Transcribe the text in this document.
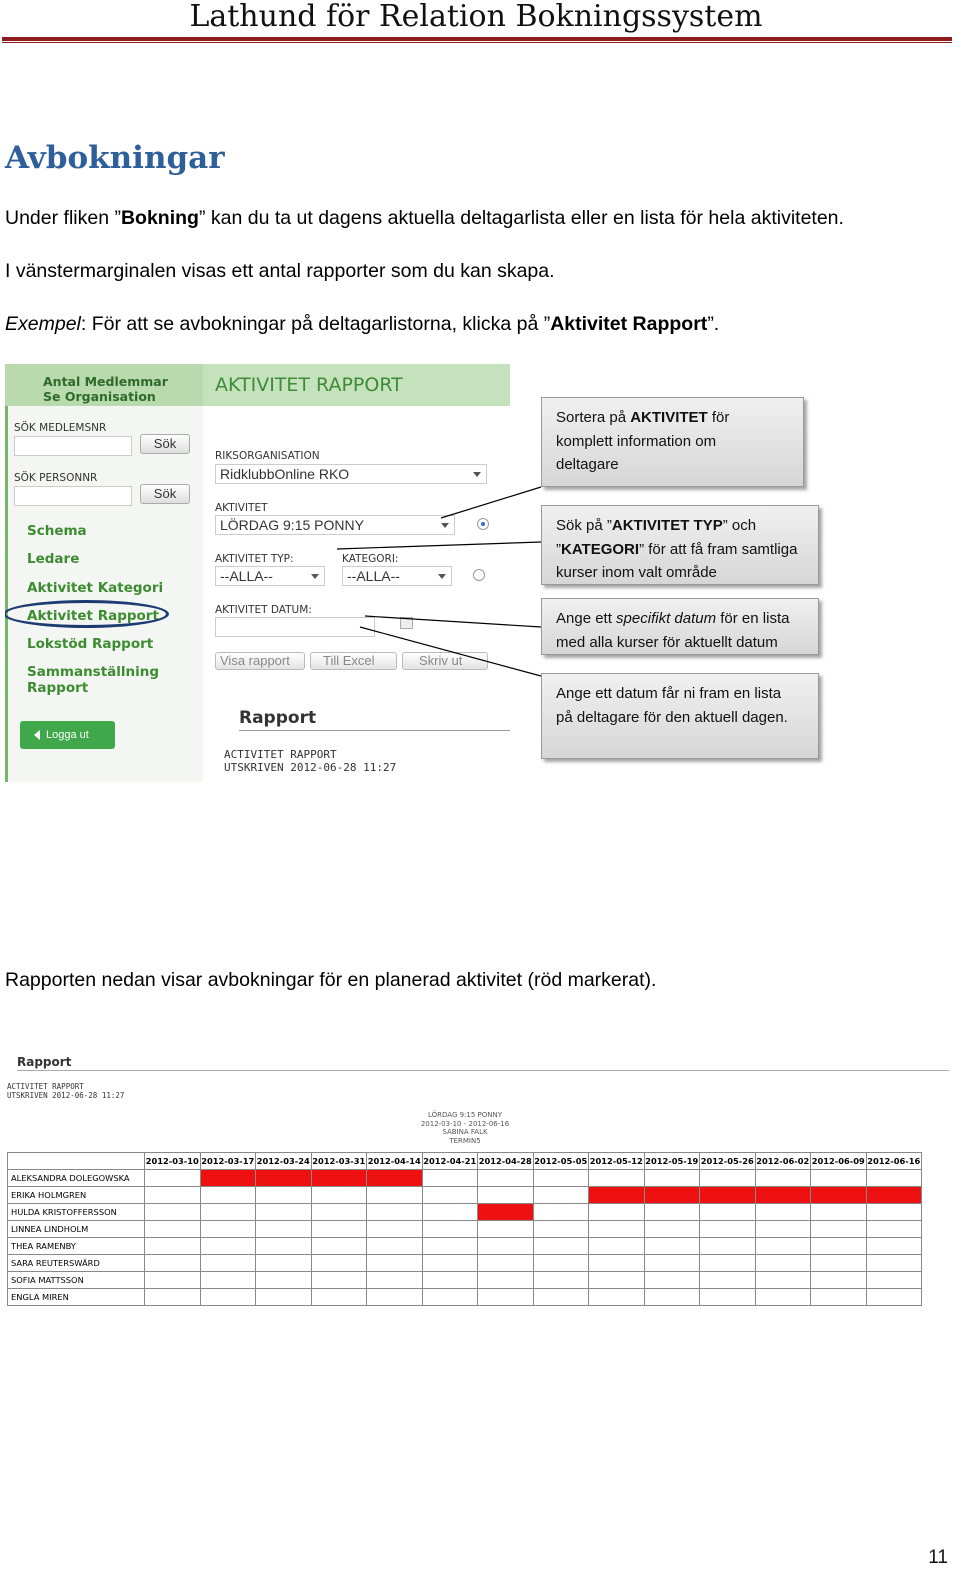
Lathund för Relation Bokningssystem
Avbokningar
Under fliken ”Bokning” kan du ta ut dagens aktuella deltagarlista eller en lista för hela aktiviteten.
I vänstermarginalen visas ett antal rapporter som du kan skapa.
Exempel: För att se avbokningar på deltagarlistorna, klicka på ”Aktivitet Rapport”.
Antal Medlemmar
Se Organisation
SÖK MEDLEMSNR
Sök
SÖK PERSONNR
Sök
Schema
Ledare
Aktivitet Kategori
Aktivitet Rapport
Lokstöd Rapport
Sammanställning
Rapport
Logga ut
AKTIVITET RAPPORT
RIKSORGANISATION
RidklubbOnline RKO
AKTIVITET
LÖRDAG 9:15 PONNY
AKTIVITET TYP:	KATEGORI:
--ALLA--	--ALLA--
AKTIVITET DATUM:
Visa rapport	Till Excel	Skriv ut
Rapport
ACTIVITET RAPPORT
UTSKRIVEN 2012-06-28 11:27
Sortera på AKTIVITET för
komplett information om
deltagare
Sök på ”AKTIVITET TYP” och
”KATEGORI” för att få fram samtliga
kurser inom valt område
Ange ett specifikt datum för en lista
med alla kurser för aktuellt datum
Ange ett datum får ni fram en lista
på deltagare för den aktuell dagen.
Rapporten nedan visar avbokningar för en planerad aktivitet (röd markerat).
Rapport
ACTIVITET RAPPORT
UTSKRIVEN 2012-06-28 11:27
LÖRDAG 9:15 PONNY
2012-03-10 - 2012-06-16
SABINA FALK
TERMIN5
	2012-03-10	2012-03-17	2012-03-24	2012-03-31	2012-04-14	2012-04-21	2012-04-28	2012-05-05	2012-05-12	2012-05-19	2012-05-26	2012-06-02	2012-06-09	2012-06-16
ALEKSANDRA DOLEGOWSKA														
ERIKA HOLMGREN														
HULDA KRISTOFFERSSON														
LINNEA LINDHOLM														
THEA RAMENBY														
SARA REUTERSWÄRD														
SOFIA MATTSSON														
ENGLA MIREN														
11
